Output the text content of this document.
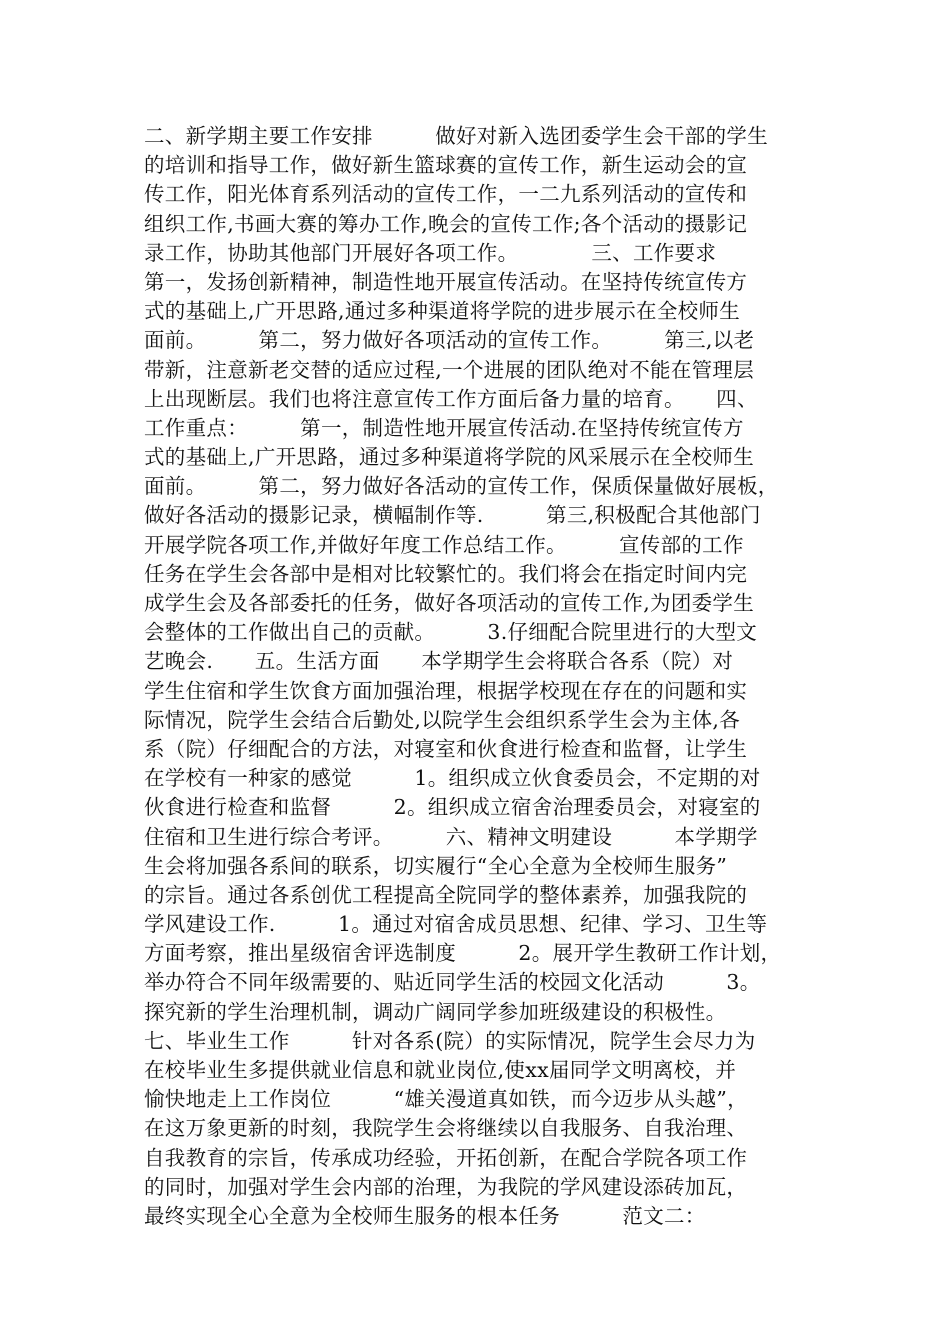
二、新学期主要工作安排　　　做好对新入选团委学生会干部的学生
的培训和指导工作，做好新生篮球赛的宣传工作，新生运动会的宣
传工作，阳光体育系列活动的宣传工作，一二九系列活动的宣传和
组织工作,书画大赛的筹办工作,晚会的宣传工作;各个活动的摄影记
录工作，协助其他部门开展好各项工作。　　　　三、工作要求
第一，发扬创新精神，制造性地开展宣传活动。在坚持传统宣传方
式的基础上,广开思路,通过多种渠道将学院的进步展示在全校师生
面前。　　　第二，努力做好各项活动的宣传工作。　　　第三,以老
带新，注意新老交替的适应过程,一个进展的团队绝对不能在管理层
上出现断层。我们也将注意宣传工作方面后备力量的培育。　　四、
工作重点：　　　第一，制造性地开展宣传活动.在坚持传统宣传方
式的基础上,广开思路，通过多种渠道将学院的风采展示在全校师生
面前。　　　第二，努力做好各活动的宣传工作，保质保量做好展板，
做好各活动的摄影记录，横幅制作等.　　　第三,积极配合其他部门
开展学院各项工作,并做好年度工作总结工作。　　　宣传部的工作
任务在学生会各部中是相对比较繁忙的。我们将会在指定时间内完
成学生会及各部委托的任务，做好各项活动的宣传工作,为团委学生
会整体的工作做出自己的贡献。　　　3.仔细配合院里进行的大型文
艺晚会.　　五。生活方面　　本学期学生会将联合各系（院）对
学生住宿和学生饮食方面加强治理，根据学校现在存在的问题和实
际情况，院学生会结合后勤处,以院学生会组织系学生会为主体,各
系（院）仔细配合的方法，对寝室和伙食进行检查和监督，让学生
在学校有一种家的感觉　　　1。组织成立伙食委员会，不定期的对
伙食进行检查和监督　　　2。组织成立宿舍治理委员会，对寝室的
住宿和卫生进行综合考评。　　　六、精神文明建设　　　本学期学
生会将加强各系间的联系，切实履行“全心全意为全校师生服务”
的宗旨。通过各系创优工程提高全院同学的整体素养，加强我院的
学风建设工作.　　　1。通过对宿舍成员思想、纪律、学习、卫生等
方面考察，推出星级宿舍评选制度　　　2。展开学生教研工作计划，
举办符合不同年级需要的、贴近同学生活的校园文化活动　　　3。
探究新的学生治理机制，调动广阔同学参加班级建设的积极性。
七、毕业生工作　　　针对各系(院）的实际情况，院学生会尽力为
在校毕业生多提供就业信息和就业岗位,使xx届同学文明离校，并
愉快地走上工作岗位　　　“雄关漫道真如铁，而今迈步从头越”，
在这万象更新的时刻，我院学生会将继续以自我服务、自我治理、
自我教育的宗旨，传承成功经验，开拓创新，在配合学院各项工作
的同时，加强对学生会内部的治理，为我院的学风建设添砖加瓦，
最终实现全心全意为全校师生服务的根本任务　　　范文二：
